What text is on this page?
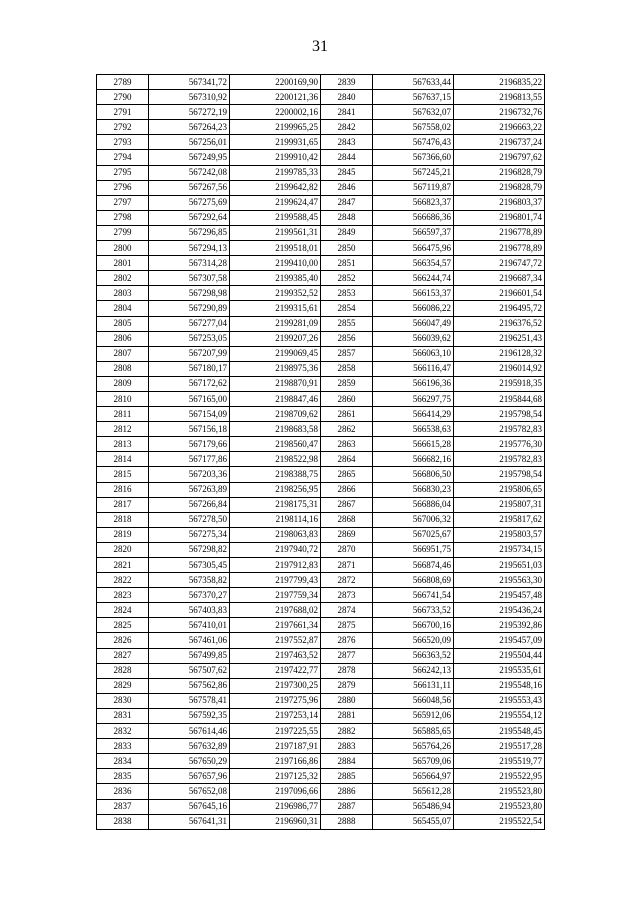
31
2789	567341,72	2200169,90	2839	567633,44	2196835,22
2790	567310,92	2200121,36	2840	567637,15	2196813,55
2791	567272,19	2200002,16	2841	567632,07	2196732,76
2792	567264,23	2199965,25	2842	567558,02	2196663,22
2793	567256,01	2199931,65	2843	567476,43	2196737,24
2794	567249,95	2199910,42	2844	567366,60	2196797,62
2795	567242,08	2199785,33	2845	567245,21	2196828,79
2796	567267,56	2199642,82	2846	567119,87	2196828,79
2797	567275,69	2199624,47	2847	566823,37	2196803,37
2798	567292,64	2199588,45	2848	566686,36	2196801,74
2799	567296,85	2199561,31	2849	566597,37	2196778,89
2800	567294,13	2199518,01	2850	566475,96	2196778,89
2801	567314,28	2199410,00	2851	566354,57	2196747,72
2802	567307,58	2199385,40	2852	566244,74	2196687,34
2803	567298,98	2199352,52	2853	566153,37	2196601,54
2804	567290,89	2199315,61	2854	566086,22	2196495,72
2805	567277,04	2199281,09	2855	566047,49	2196376,52
2806	567253,05	2199207,26	2856	566039,62	2196251,43
2807	567207,99	2199069,45	2857	566063,10	2196128,32
2808	567180,17	2198975,36	2858	566116,47	2196014,92
2809	567172,62	2198870,91	2859	566196,36	2195918,35
2810	567165,00	2198847,46	2860	566297,75	2195844,68
2811	567154,09	2198709,62	2861	566414,29	2195798,54
2812	567156,18	2198683,58	2862	566538,63	2195782,83
2813	567179,66	2198560,47	2863	566615,28	2195776,30
2814	567177,86	2198522,98	2864	566682,16	2195782,83
2815	567203,36	2198388,75	2865	566806,50	2195798,54
2816	567263,89	2198256,95	2866	566830,23	2195806,65
2817	567266,84	2198175,31	2867	566886,04	2195807,31
2818	567278,50	2198114,16	2868	567006,32	2195817,62
2819	567275,34	2198063,83	2869	567025,67	2195803,57
2820	567298,82	2197940,72	2870	566951,75	2195734,15
2821	567305,45	2197912,83	2871	566874,46	2195651,03
2822	567358,82	2197799,43	2872	566808,69	2195563,30
2823	567370,27	2197759,34	2873	566741,54	2195457,48
2824	567403,83	2197688,02	2874	566733,52	2195436,24
2825	567410,01	2197661,34	2875	566700,16	2195392,86
2826	567461,06	2197552,87	2876	566520,09	2195457,09
2827	567499,85	2197463,52	2877	566363,52	2195504,44
2828	567507,62	2197422,77	2878	566242,13	2195535,61
2829	567562,86	2197300,25	2879	566131,11	2195548,16
2830	567578,41	2197275,96	2880	566048,56	2195553,43
2831	567592,35	2197253,14	2881	565912,06	2195554,12
2832	567614,46	2197225,55	2882	565885,65	2195548,45
2833	567632,89	2197187,91	2883	565764,26	2195517,28
2834	567650,29	2197166,86	2884	565709,06	2195519,77
2835	567657,96	2197125,32	2885	565664,97	2195522,95
2836	567652,08	2197096,66	2886	565612,28	2195523,80
2837	567645,16	2196986,77	2887	565486,94	2195523,80
2838	567641,31	2196960,31	2888	565455,07	2195522,54
